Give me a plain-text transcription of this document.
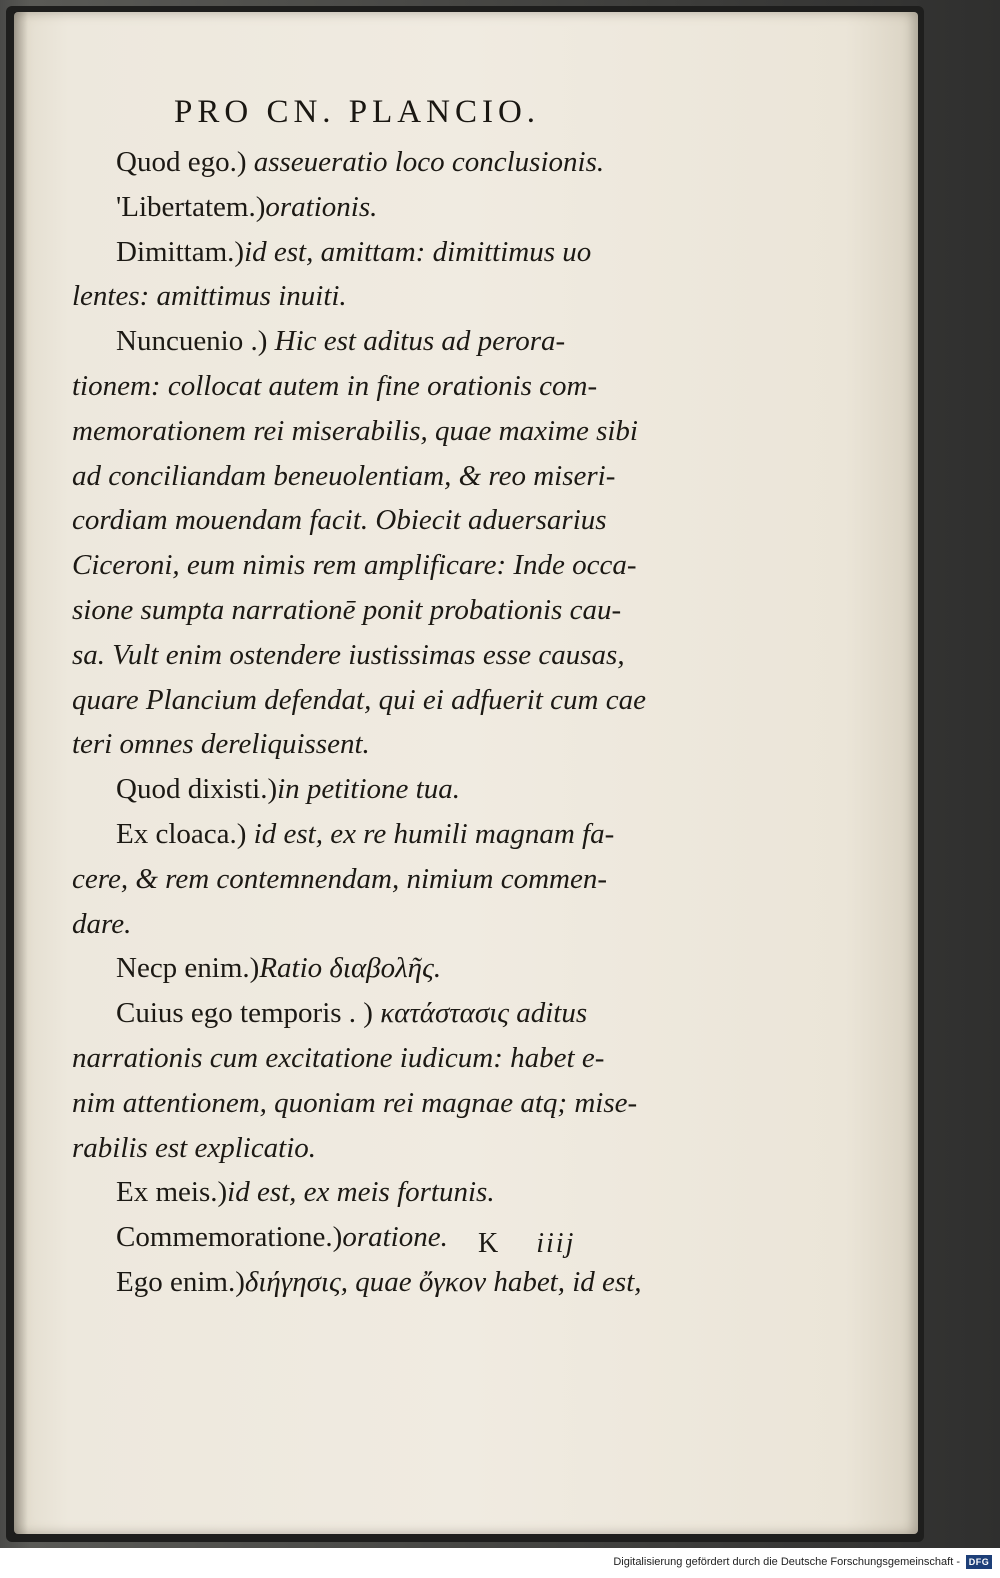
PRO CN. PLANCIO.
Quod ego.) asseueratio loco conclusionis.
'Libertatem.)orationis.
Dimittam.)id est, amittam: dimittimus uo
lentes: amittimus inuiti.
Nuncuenio .) Hic est aditus ad perora-
tionem: collocat autem in fine orationis com-
memorationem rei miserabilis, quae maxime sibi
ad conciliandam beneuolentiam, & reo miseri-
cordiam mouendam facit. Obiecit aduersarius
Ciceroni, eum nimis rem amplificare: Inde occa-
sione sumpta narrationē ponit probationis cau-
sa. Vult enim ostendere iustissimas esse causas,
quare Plancium defendat, qui ei adfuerit cum cae
teri omnes dereliquissent.
Quod dixisti.)in petitione tua.
Ex cloaca.) id est, ex re humili magnam fa-
cere, & rem contemnendam, nimium commen-
dare.
Necp enim.)Ratio διαβολῆς.
Cuius ego temporis . ) κατάστασις aditus
narrationis cum excitatione iudicum: habet e-
nim attentionem, quoniam rei magnae atq; mise-
rabilis est explicatio.
Ex meis.)id est, ex meis fortunis.
Commemoratione.)oratione.
Ego enim.)διήγησις, quae ὄγκον habet, id est,
K iiij
Digitalisierung gefördert durch die Deutsche Forschungsgemeinschaft - DFG
